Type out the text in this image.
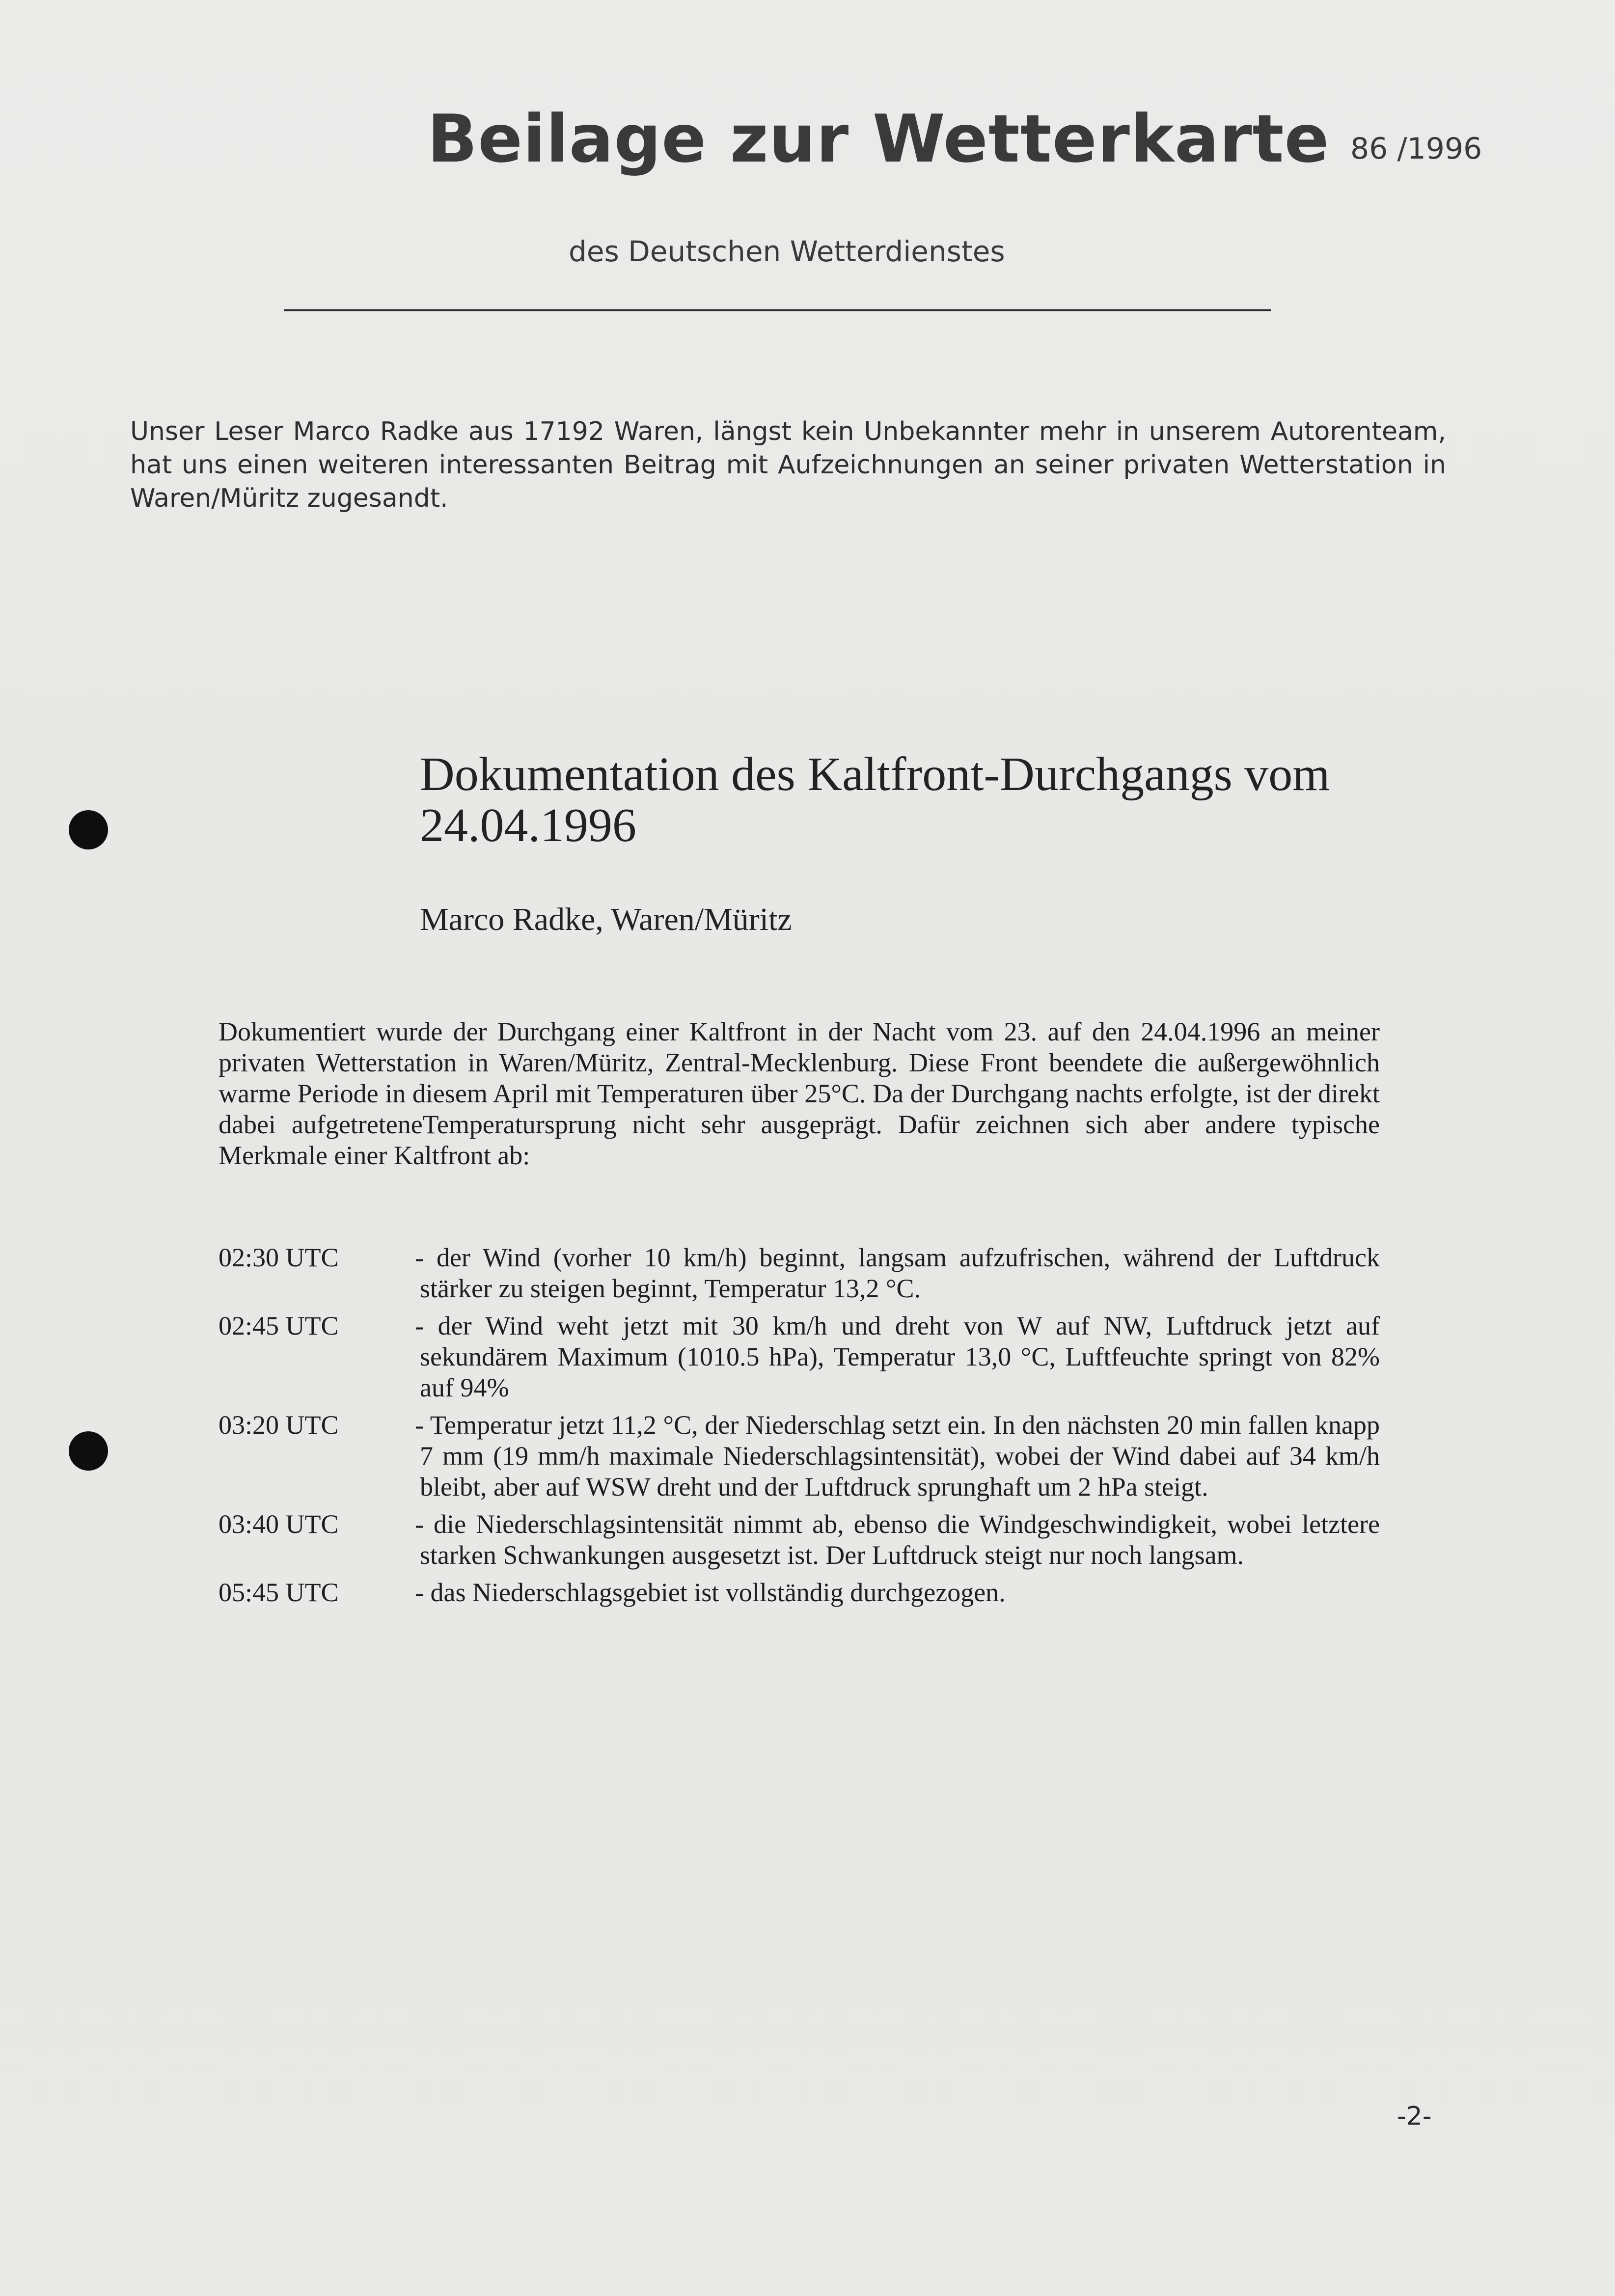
Beilage zur Wetterkarte 86 /1996
des Deutschen Wetterdienstes

Unser Leser Marco Radke aus 17192 Waren, längst kein Unbekannter mehr in unserem Autorenteam, hat uns einen weiteren interessanten Beitrag mit Aufzeichnungen an seiner privaten Wetterstation in Waren/Müritz zugesandt.

Dokumentation des Kaltfront-Durchgangs vom 24.04.1996
Marco Radke, Waren/Müritz

Dokumentiert wurde der Durchgang einer Kaltfront in der Nacht vom 23. auf den 24.04.1996 an meiner privaten Wetterstation in Waren/Müritz, Zentral-Mecklenburg. Diese Front beendete die außergewöhnlich warme Periode in diesem April mit Temperaturen über 25°C. Da der Durchgang nachts erfolgte, ist der direkt dabei aufgetreteneTemperatursprung nicht sehr ausgeprägt. Dafür zeichnen sich aber andere typische Merkmale einer Kaltfront ab:

02:30 UTC	- der Wind (vorher 10 km/h) beginnt, langsam aufzufrischen, während der Luftdruck stärker zu steigen beginnt, Temperatur 13,2 °C.
02:45 UTC	- der Wind weht jetzt mit 30 km/h und dreht von W auf NW, Luftdruck jetzt auf sekundärem Maximum (1010.5 hPa), Temperatur 13,0 °C, Luftfeuchte springt von 82% auf 94%
03:20 UTC	- Temperatur jetzt 11,2 °C, der Niederschlag setzt ein. In den nächsten 20 min fallen knapp 7 mm (19 mm/h maximale Niederschlagsintensität), wobei der Wind dabei auf 34 km/h bleibt, aber auf WSW dreht und der Luftdruck sprunghaft um 2 hPa steigt.
03:40 UTC	- die Niederschlagsintensität nimmt ab, ebenso die Windgeschwindigkeit, wobei letztere starken Schwankungen ausgesetzt ist. Der Luftdruck steigt nur noch langsam.
05:45 UTC	- das Niederschlagsgebiet ist vollständig durchgezogen.
-2-
